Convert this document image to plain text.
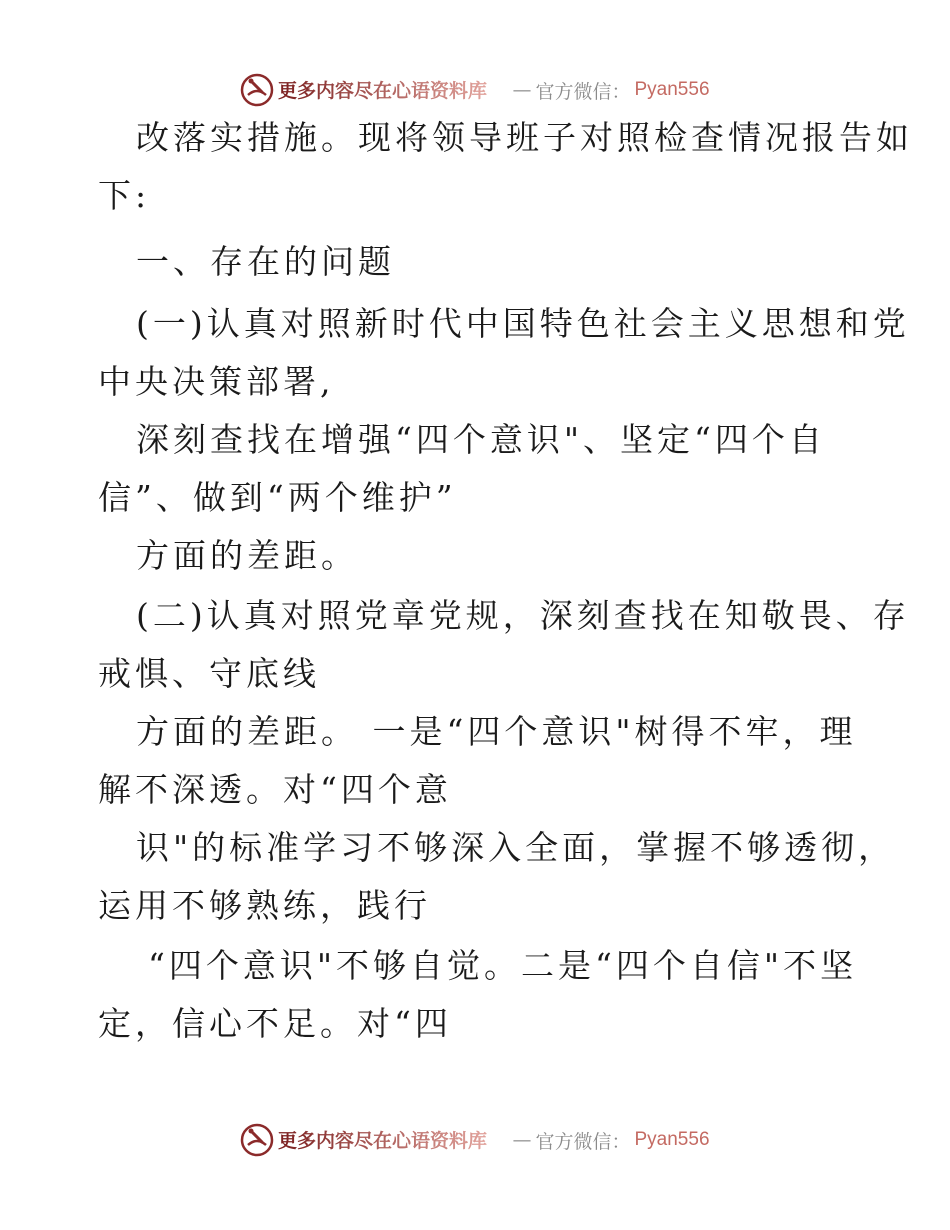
更多内容尽在心语资料库 — 官方微信： Pyan556
改落实措施。现将领导班子对照检查情况报告如
下:
一、存在的问题
(一)认真对照新时代中国特色社会主义思想和党
中央决策部署,
深刻查找在增强“四个意识"、坚定“四个自
信”、做到“两个维护”
方面的差距。
(二)认真对照党章党规，深刻查找在知敬畏、存
戒惧、守底线
方面的差距。 一是“四个意识"树得不牢，理
解不深透。对“四个意
识"的标准学习不够深入全面，掌握不够透彻，
运用不够熟练，践行
“四个意识"不够自觉。二是“四个自信"不坚
定，信心不足。对“四
更多内容尽在心语资料库 — 官方微信： Pyan556
